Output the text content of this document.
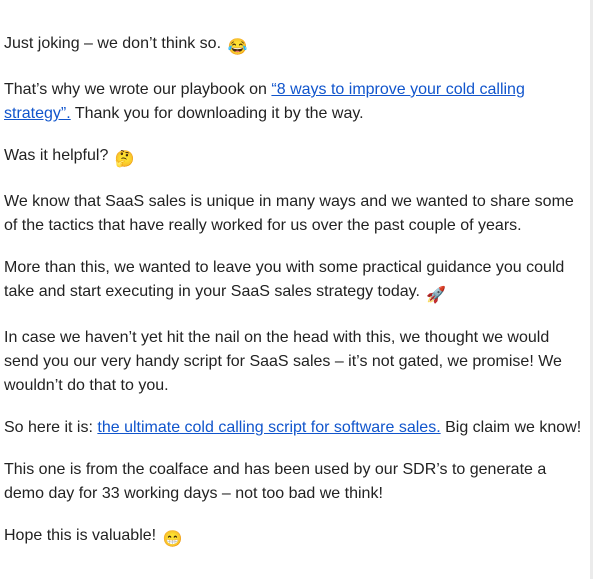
Just joking – we don’t think so. 😂

That’s why we wrote our playbook on “8 ways to improve your cold calling strategy”. Thank you for downloading it by the way.

Was it helpful? 🤔

We know that SaaS sales is unique in many ways and we wanted to share some of the tactics that have really worked for us over the past couple of years.

More than this, we wanted to leave you with some practical guidance you could take and start executing in your SaaS sales strategy today. 🚀

In case we haven’t yet hit the nail on the head with this, we thought we would send you our very handy script for SaaS sales – it’s not gated, we promise! We wouldn’t do that to you.

So here it is: the ultimate cold calling script for software sales. Big claim we know!

This one is from the coalface and has been used by our SDR’s to generate a demo day for 33 working days – not too bad we think!

Hope this is valuable! 😁
